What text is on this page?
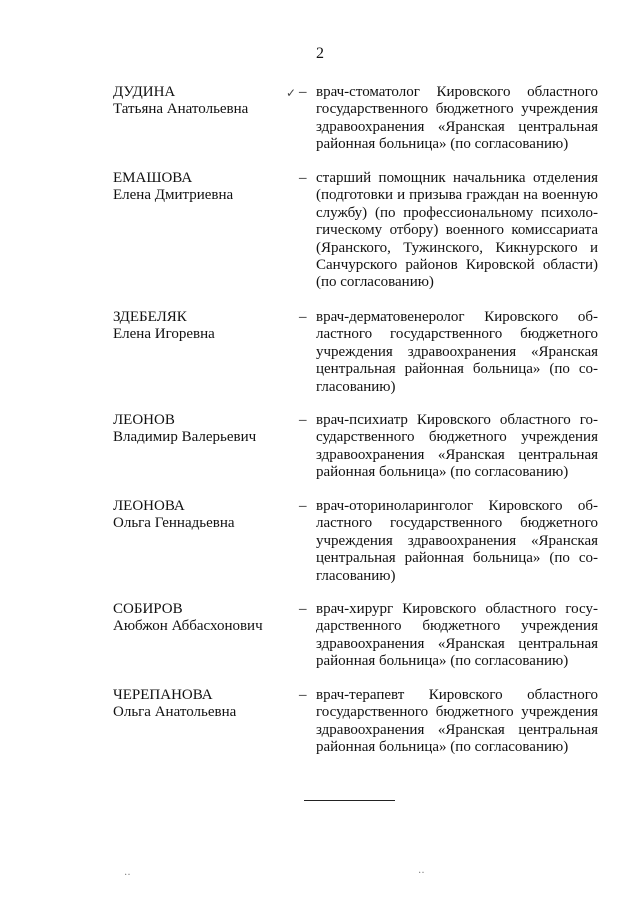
2
✓
ДУДИНА
Татьяна Анатольевна
– врач-стоматолог Кировского областного
государственного бюджетного учреждения
здравоохранения «Яранская центральная
районная больница» (по согласованию)
ЕМАШОВА
Елена Дмитриевна
– старший помощник начальника отделения
(подготовки и призыва граждан на военную
службу) (по профессиональному психоло-
гическому отбору) военного комиссариата
(Яранского, Тужинского, Кикнурского и
Санчурского районов Кировской области)
(по согласованию)
ЗДЕБЕЛЯК
Елена Игоревна
– врач-дерматовенеролог Кировского об-
ластного государственного бюджетного
учреждения здравоохранения «Яранская
центральная районная больница» (по со-
гласованию)
ЛЕОНОВ
Владимир Валерьевич
– врач-психиатр Кировского областного го-
сударственного бюджетного учреждения
здравоохранения «Яранская центральная
районная больница» (по согласованию)
ЛЕОНОВА
Ольга Геннадьевна
– врач-оториноларинголог Кировского об-
ластного государственного бюджетного
учреждения здравоохранения «Яранская
центральная районная больница» (по со-
гласованию)
СОБИРОВ
Аюбжон Аббасхонович
– врач-хирург Кировского областного госу-
дарственного бюджетного учреждения
здравоохранения «Яранская центральная
районная больница» (по согласованию)
ЧЕРЕПАНОВА
Ольга Анатольевна
– врач-терапевт Кировского областного
государственного бюджетного учреждения
здравоохранения «Яранская центральная
районная больница» (по согласованию)
‥	‥
